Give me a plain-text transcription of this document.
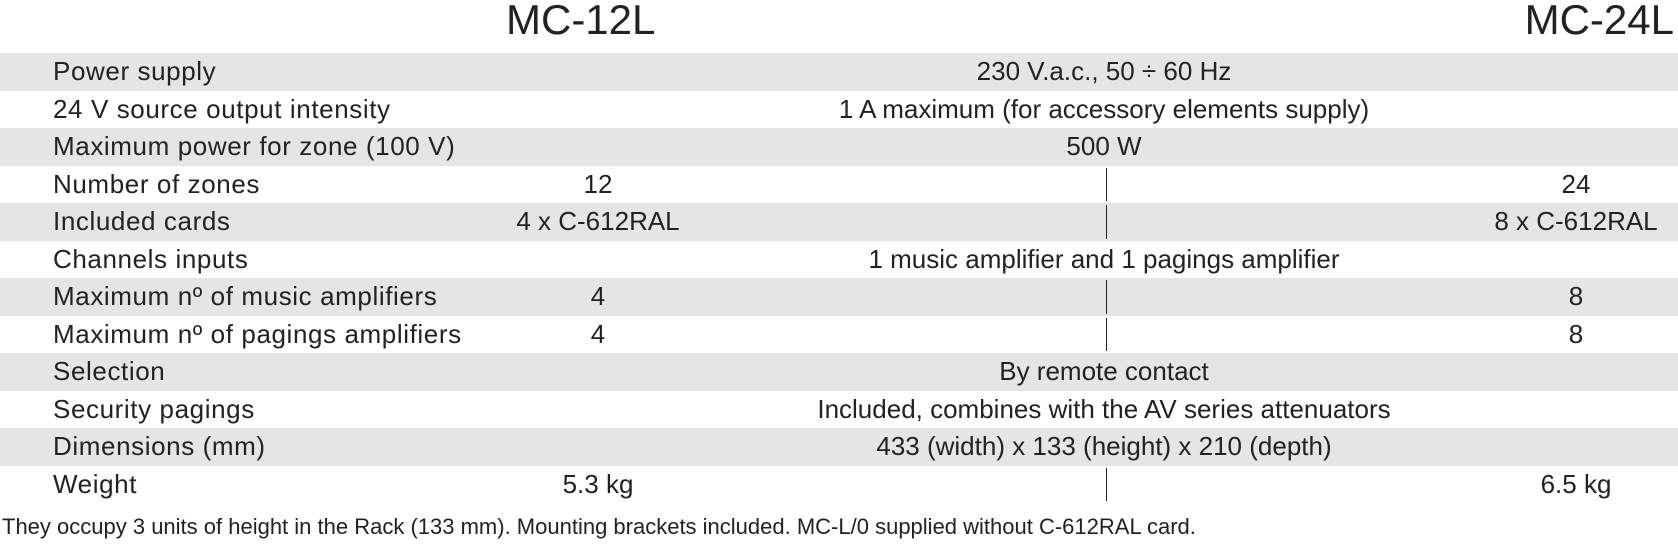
MC-12L	MC-24L
Power supply	230 V.a.c., 50 ÷ 60 Hz
24 V source output intensity	1 A maximum (for accessory elements supply)
Maximum power for zone (100 V)	500 W
Number of zones	12	24
Included cards	4 x C-612RAL	8 x C-612RAL
Channels inputs	1 music amplifier and 1 pagings amplifier
Maximum nº of music amplifiers	4	8
Maximum nº of pagings amplifiers	4	8
Selection	By remote contact
Security pagings	Included, combines with the AV series attenuators
Dimensions (mm)	433 (width) x 133 (height) x 210 (depth)
Weight	5.3 kg	6.5 kg
They occupy 3 units of height in the Rack (133 mm). Mounting brackets included. MC-L/0 supplied without C-612RAL card.
